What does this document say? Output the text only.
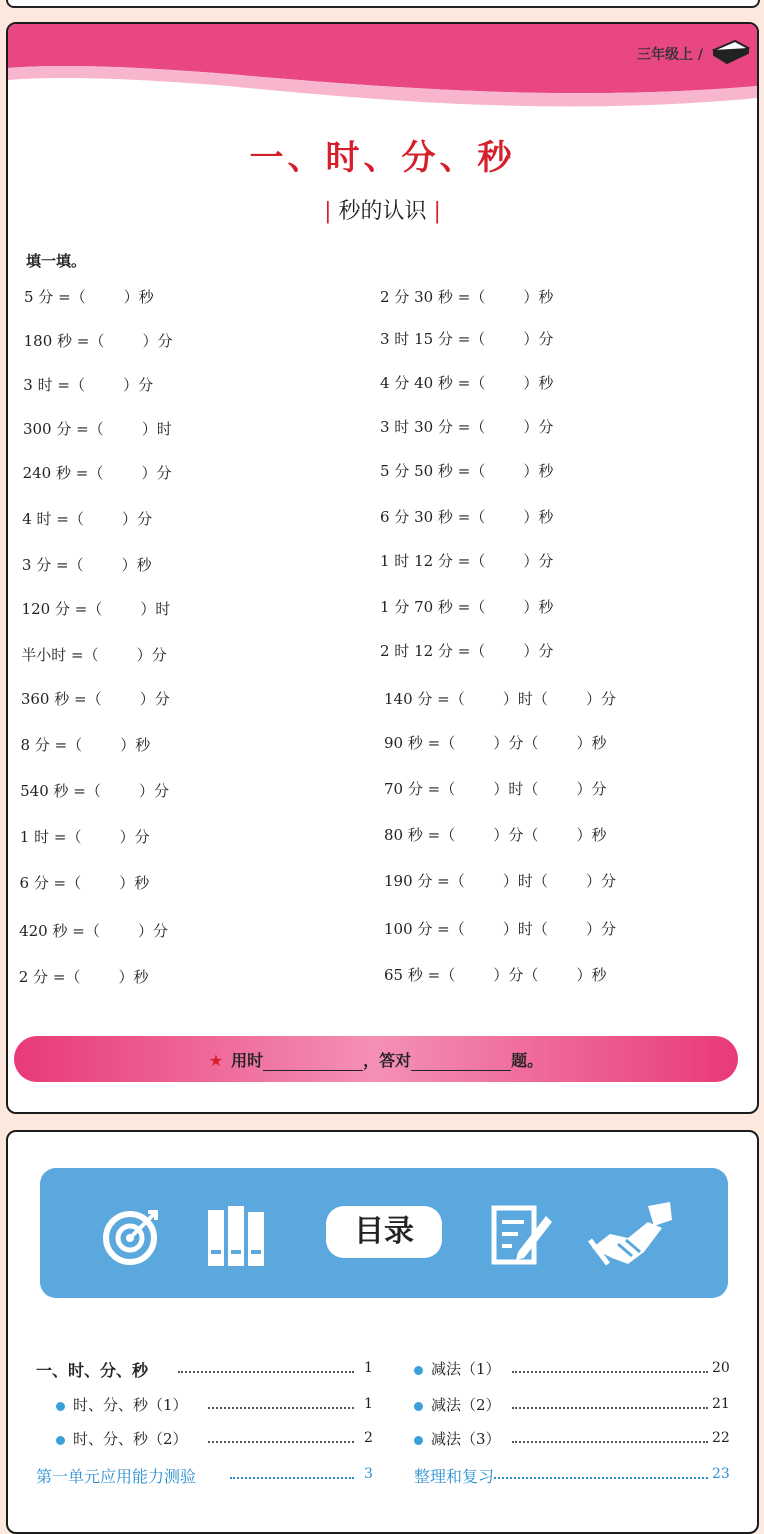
三年级上 /
一、时、分、秒
| 秒的认识 |
填一填。
5 分 =（        ）秒
180 秒 =（        ）分
3 时 =（        ）分
300 分 =（        ）时
240 秒 =（        ）分
4 时 =（        ）分
3 分 =（        ）秒
120 分 =（        ）时
半小时 =（        ）分
360 秒 =（        ）分
8 分 =（        ）秒
540 秒 =（        ）分
1 时 =（        ）分
6 分 =（        ）秒
420 秒 =（        ）分
2 分 =（        ）秒
2 分 30 秒 =（        ）秒
3 时 15 分 =（        ）分
4 分 40 秒 =（        ）秒
3 时 30 分 =（        ）分
5 分 50 秒 =（        ）秒
6 分 30 秒 =（        ）秒
1 时 12 分 =（        ）分
1 分 70 秒 =（        ）秒
2 时 12 分 =（        ）分
140 分 =（        ）时（        ）分
90 秒 =（        ）分（        ）秒
70 分 =（        ）时（        ）分
80 秒 =（        ）分（        ）秒
190 分 =（        ）时（        ）分
100 分 =（        ）时（        ）分
65 秒 =（        ）分（        ）秒
★ 用时	，答对	题。
目录
一、时、分、秒	1
时、分、秒（1）	1
时、分、秒（2）	2
第一单元应用能力测验	3
减法（1）	20
减法（2）	21
减法（3）	22
整理和复习	23
